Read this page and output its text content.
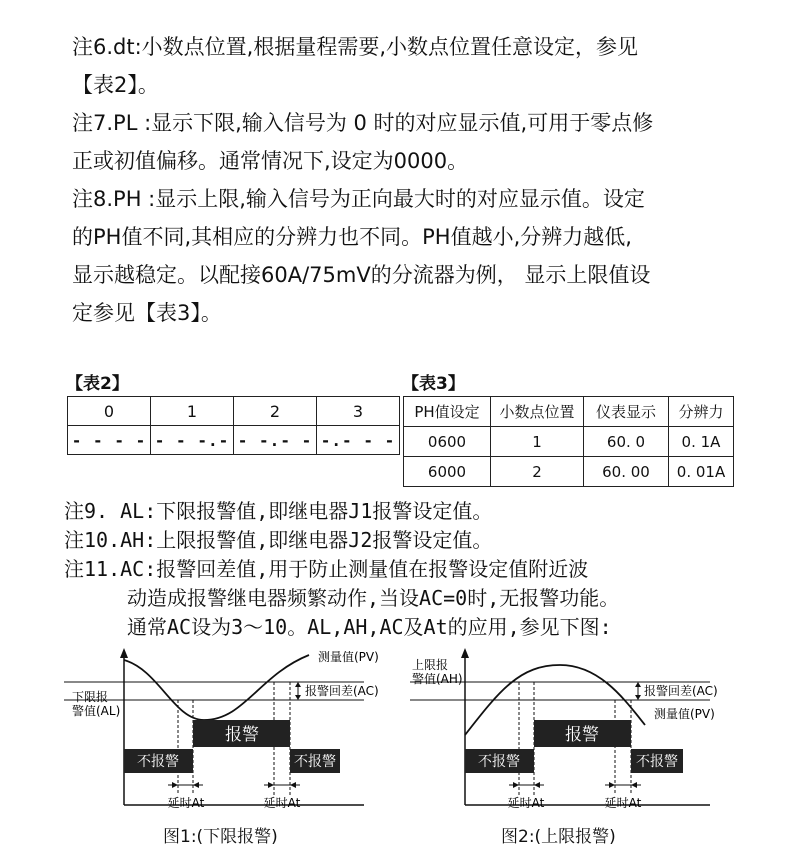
注6.dt:小数点位置,根据量程需要,小数点位置任意设定，参见
【表2】。
注7.PL :显示下限,输入信号为 0 时的对应显示值,可用于零点修
正或初值偏移。通常情况下,设定为0000。
注8.PH :显示上限,输入信号为正向最大时的对应显示值。设定
的PH值不同,其相应的分辨力也不同。PH值越小,分辨力越低,
显示越稳定。以配接60A/75mV的分流器为例， 显示上限值设
定参见【表3】。
【表2】
0	1	2	3
- - - -	- - -.-	- -.- -	-.- - -
【表3】
PH值设定	小数点位置	仪表显示	分辨力
0600	1	60. 0	0. 1A
6000	2	60. 00	0. 01A
注9. AL:下限报警值,即继电器J1报警设定值。
注10.AH:上限报警值,即继电器J2报警设定值。
注11.AC:报警回差值,用于防止测量值在报警设定值附近波
动造成报警继电器频繁动作,当设AC=0时,无报警功能。
通常AC设为3～10。AL,AH,AC及At的应用,参见下图:
报警
不报警	不报警
延时At	延时At
测量值(PV)
报警回差(AC)
下限报
警值(AL)
图1:(下限报警)
报警
不报警	不报警
延时At	延时At
报警回差(AC)
测量值(PV)
上限报
警值(AH)
图2:(上限报警)
